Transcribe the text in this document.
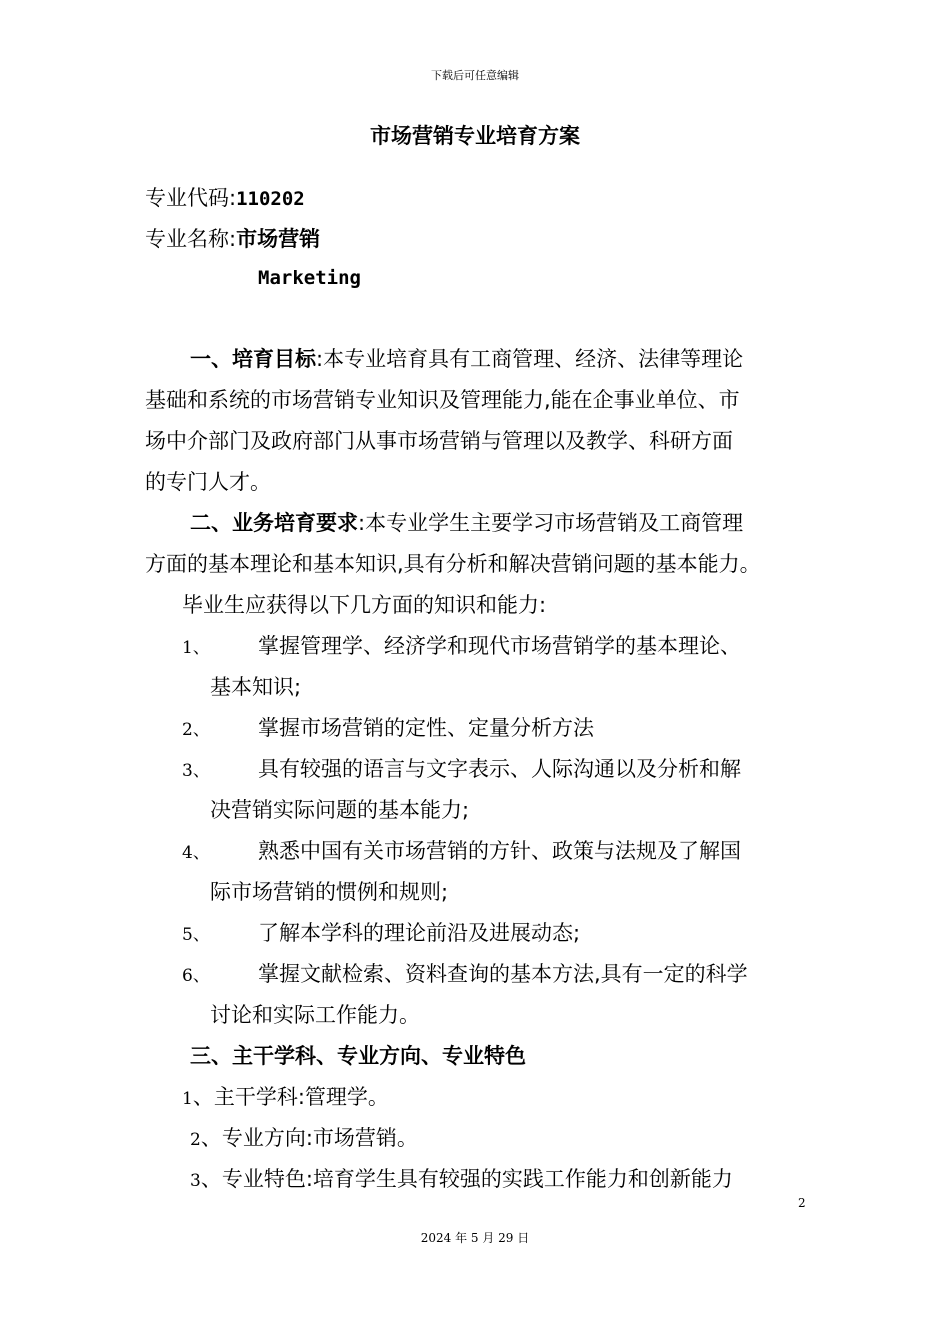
下载后可任意编辑
市场营销专业培育方案
专业代码:110202
专业名称:市场营销
Marketing
一、培育目标:本专业培育具有工商管理、经济、法律等理论
基础和系统的市场营销专业知识及管理能力,能在企事业单位、市
场中介部门及政府部门从事市场营销与管理以及教学、科研方面
的专门人才。
二、业务培育要求:本专业学生主要学习市场营销及工商管理
方面的基本理论和基本知识,具有分析和解决营销问题的基本能力。
毕业生应获得以下几方面的知识和能力:
1、 掌握管理学、经济学和现代市场营销学的基本理论、
基本知识;
2、 掌握市场营销的定性、定量分析方法
3、 具有较强的语言与文字表示、人际沟通以及分析和解
决营销实际问题的基本能力;
4、 熟悉中国有关市场营销的方针、政策与法规及了解国
际市场营销的惯例和规则;
5、 了解本学科的理论前沿及进展动态;
6、 掌握文献检索、资料查询的基本方法,具有一定的科学
讨论和实际工作能力。
三、主干学科、专业方向、专业特色
1、主干学科:管理学。
2、专业方向:市场营销。
3、专业特色:培育学生具有较强的实践工作能力和创新能力
2
2024 年 5 月 29 日
